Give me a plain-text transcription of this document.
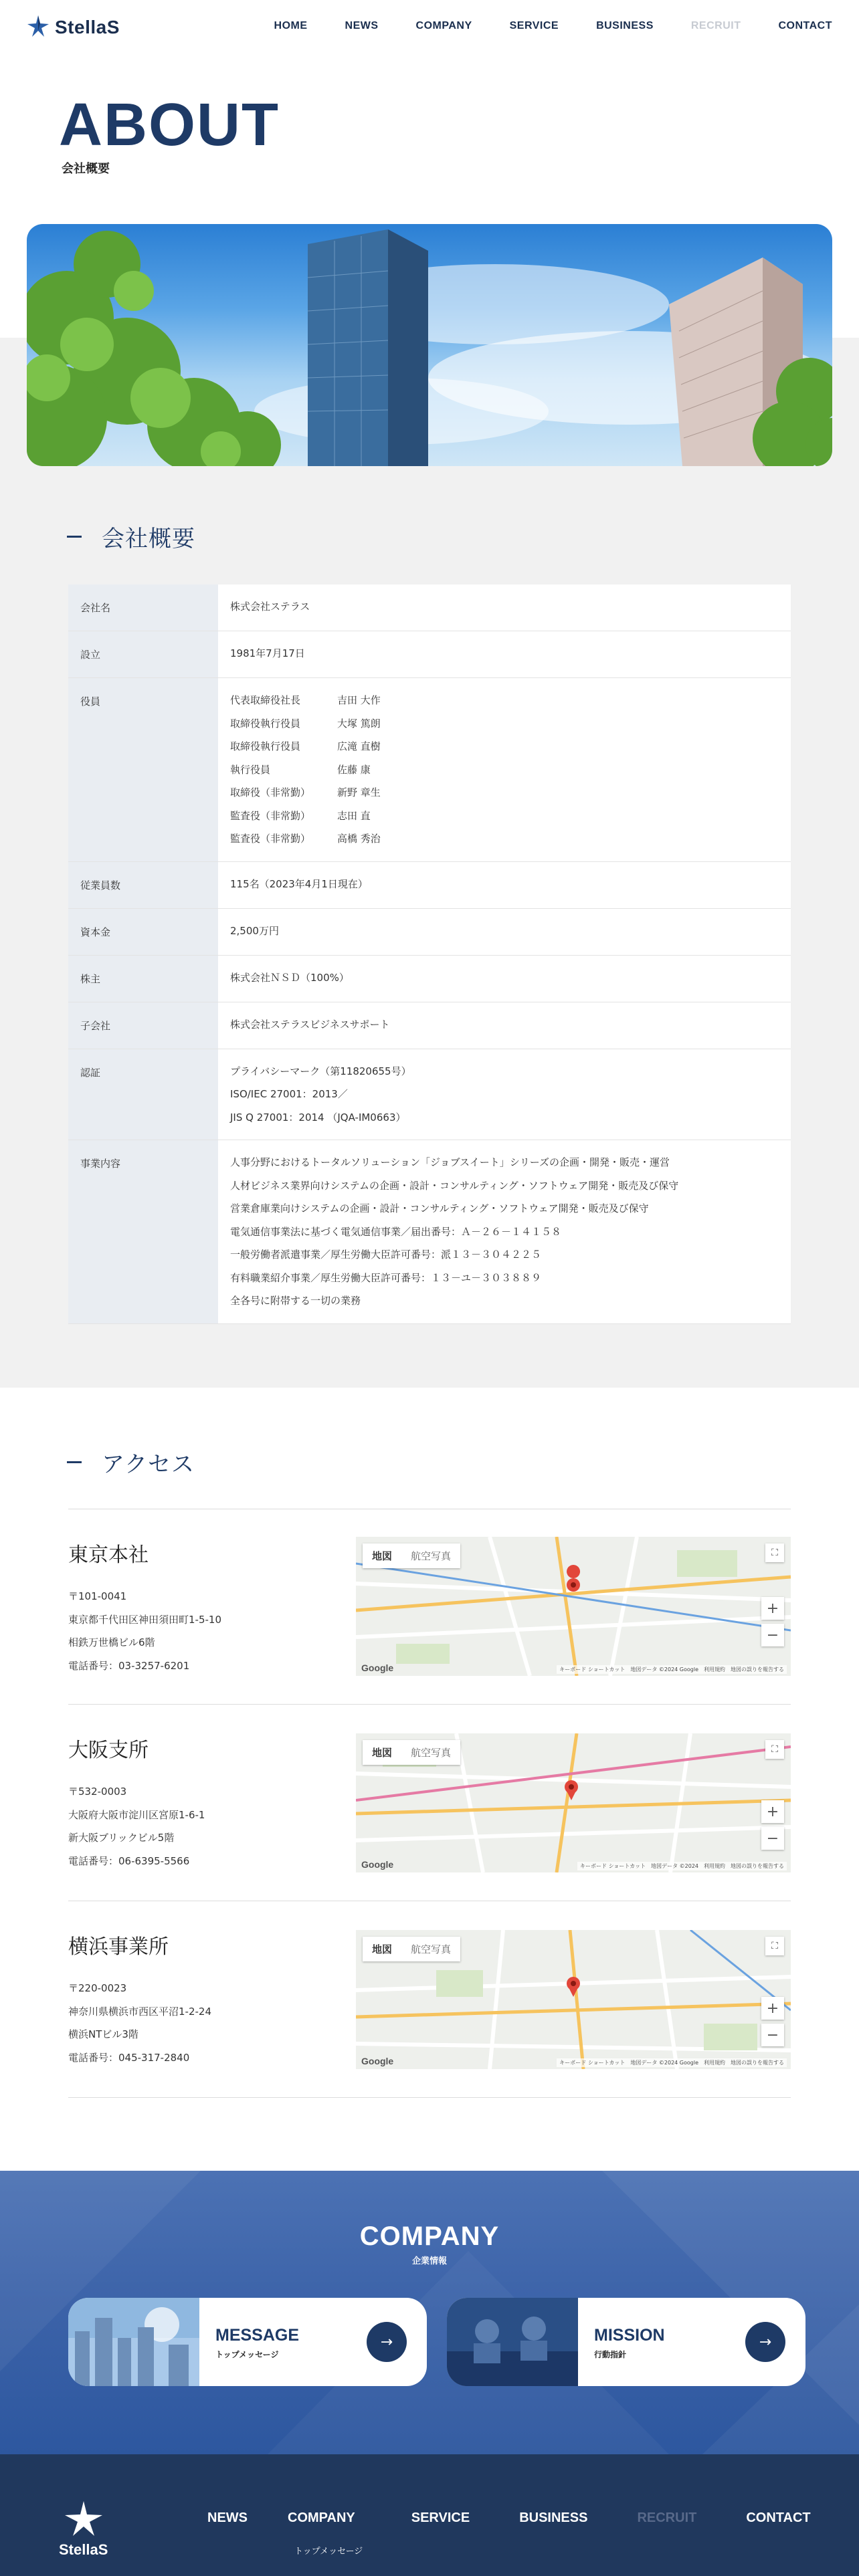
StellaS	HOME	NEWS	COMPANY	SERVICE	BUSINESS	RECRUIT	CONTACT
ABOUT
会社概要
会社概要
会社名	株式会社ステラス
設立	1981年7月17日
役員	代表取締役社長	吉田 大作
取締役執行役員	大塚 篤朗
取締役執行役員	広滝 直樹
執行役員	佐藤 康
取締役（非常勤）	新野 章生
監査役（非常勤）	志田 直
監査役（非常勤）	高橋 秀治
従業員数	115名（2023年4月1日現在）
資本金	2,500万円
株主	株式会社ＮＳＤ（100%）
子会社	株式会社ステラスビジネスサポート
認証	プライバシーマーク（第11820655号）
ISO/IEC 27001：2013／
JIS Q 27001：2014 （JQA-IM0663）
事業内容	人事分野におけるトータルソリューション「ジョブスイート」シリーズの企画・開発・販売・運営
人材ビジネス業界向けシステムの企画・設計・コンサルティング・ソフトウェア開発・販売及び保守
営業倉庫業向けシステムの企画・設計・コンサルティング・ソフトウェア開発・販売及び保守
電気通信事業法に基づく電気通信事業／届出番号：Ａ－２６－１４１５８
一般労働者派遣事業／厚生労働大臣許可番号：派１３－３０４２２５
有料職業紹介事業／厚生労働大臣許可番号：１３－ユ－３０３８８９
全各号に附帯する一切の業務
アクセス
東京本社
〒101-0041
東京都千代田区神田須田町1-5-10
相鉄万世橋ビル6階
電話番号：03-3257-6201
地図	航空写真	⛶
+
−
Google	キーボード ショートカット　地図データ ©2024 Google　利用規約　地図の誤りを報告する
大阪支所
〒532-0003
大阪府大阪市淀川区宮原1-6-1
新大阪ブリックビル5階
電話番号：06-6395-5566
地図	航空写真	⛶
+
−
Google	キーボード ショートカット　地図データ ©2024　利用規約　地図の誤りを報告する
横浜事業所
〒220-0023
神奈川県横浜市西区平沼1-2-24
横浜NTビル3階
電話番号：045-317-2840
地図	航空写真	⛶
+
−
Google	キーボード ショートカット　地図データ ©2024 Google　利用規約　地図の誤りを報告する
COMPANY
企業情報
MESSAGE
トップメッセージ
→	MISSION
行動指針
→
StellaS
NEWS	COMPANY	SERVICE	BUSINESS	RECRUIT	CONTACT
トップメッセージ
